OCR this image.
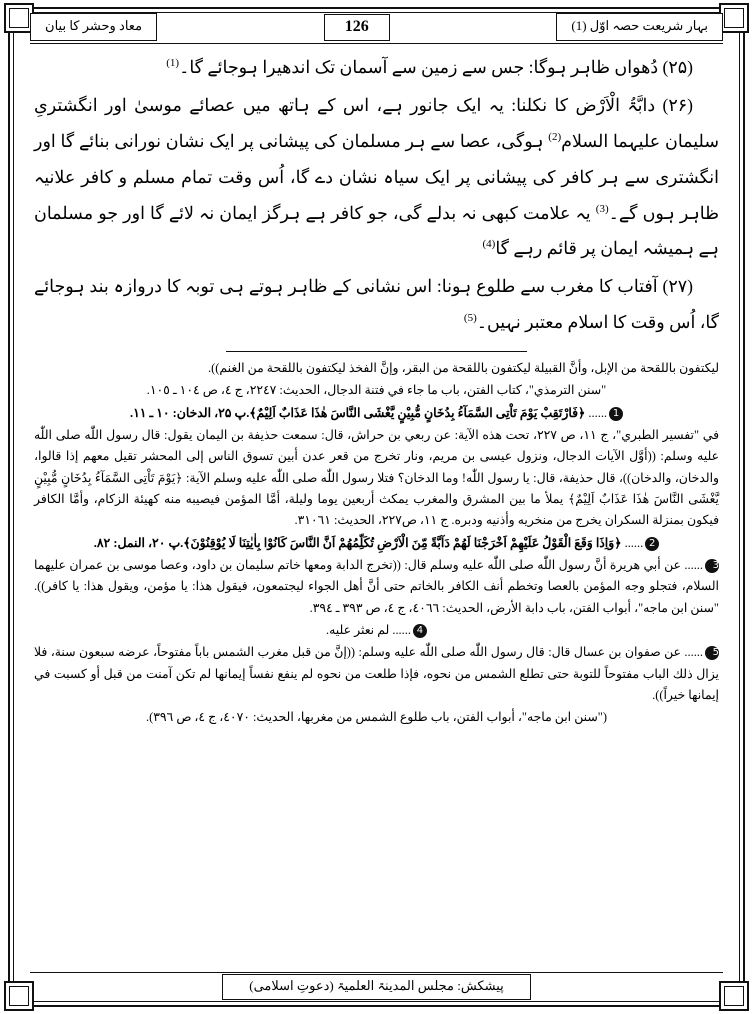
بہار شریعت حصہ اوّل (1)
126
معاد وحشر کا بیان
(۲۵) دُھواں ظاہر ہوگا: جس سے زمین سے آسمان تک اندھیرا ہوجائے گا۔$^{(1)}$
(۲۶) دابَّۃُ الْاَرْض کا نکلنا: یہ ایک جانور ہے، اس کے ہاتھ میں عصائے موسیٰ اور انگشتریِ سلیمان علیہما السلام$^{(2)}$ ہوگی، عصا سے ہر مسلمان کی پیشانی پر ایک نشان نورانی بنائے گا اور انگشتری سے ہر کافر کی پیشانی پر ایک سیاہ نشان دے گا، اُس وقت تمام مسلم و کافر علانیہ ظاہر ہوں گے۔$^{(3)}$ یہ علامت کبھی نہ بدلے گی، جو کافر ہے ہرگز ایمان نہ لائے گا اور جو مسلمان ہے ہمیشہ ایمان پر قائم رہے گا$^{(4)}$
(۲۷) آفتاب کا مغرب سے طلوع ہونا: اس نشانی کے ظاہر ہوتے ہی توبہ کا دروازہ بند ہوجائے گا، اُس وقت کا اسلام معتبر نہیں۔$^{(5)}$
لیکتفون باللقحة من الإبل، وأنَّ القبيلة ليكتفون باللقحة من البقر، وإنَّ الفخذ ليكتفون باللقحة من الغنم)).
"سنن الترمذي"، كتاب الفتن، باب ما جاء في فتنة الدجال، الحديث: ٢٢٤٧، ج ٤، ص ١٠٤ ـ ١٠٥.
1...... ﴿فَارْتَقِبْ یَوْمَ تَاْتِی السَّمَآءُ بِدُخَانٍ مُّبِیْنٍ یَّغْشَی النَّاسَ هٰذَا عَذَابٌ اَلِیْمٌ﴾.پ ۲۵، الدخان: ١٠ ـ ١١.
في "تفسير الطبري"، ج ١١، ص ٢٢٧، تحت هذه الآية: عن ربعي بن حراش، قال: سمعت حذيفة بن اليمان يقول: قال رسول اللّٰه صلى اللّٰه عليه وسلم: ((أوَّل الآيات الدجال، ونزول عيسى بن مريم، ونار تخرج من قعر عدن أبين تسوق الناس إلى المحشر تقيل معهم إذا قالوا، والدخان، والدخان))، قال حذيفة، قال: يا رسول اللّٰه! وما الدخان؟ فتلا رسول اللّٰه صلى اللّٰه عليه وسلم الآية: ﴿یَوْمَ تَاْتِی السَّمَآءُ بِدُخَانٍ مُّبِیْنٍ یَّغْشَی النَّاسَ هٰذَا عَذَابٌ اَلِیْمٌ﴾ يملأ ما بين المشرق والمغرب يمكث أربعين يوما وليلة، أمَّا المؤمن فيصيبه منه كهيئة الزكام، وأمَّا الكافر فيكون بمنزلة السكران يخرج من منخريه وأذنيه ودبره. ج ١١، ص٢٢٧، الحديث: ٣١٠٦١.
2...... ﴿وَاِذَا وَقَعَ الْقَوْلُ عَلَیْهِمْ اَخْرَجْنَا لَهُمْ دَآبَّةً مِّنَ الْاَرْضِ تُكَلِّمُهُمْ اَنَّ النَّاسَ كَانُوْا بِاٰیٰتِنَا لَا یُوْقِنُوْنَ﴾.پ ۲۰، النمل: ٨٢.
3...... عن أبي هريرة أنَّ رسول اللّٰه صلى اللّٰه عليه وسلم قال: ((تخرج الدابة ومعها خاتم سليمان بن داود، وعصا موسى بن عمران عليهما السلام، فتجلو وجه المؤمن بالعصا وتخطم أنف الكافر بالخاتم حتى أنَّ أهل الجواء ليجتمعون، فيقول هذا: يا مؤمن، ويقول هذا: يا كافر)). "سنن ابن ماجه"، أبواب الفتن، باب دابة الأرض، الحديث: ٤٠٦٦، ج ٤، ص ٣٩٣ ـ ٣٩٤.
4...... لم نعثر عليه.
5...... عن صفوان بن عسال قال: قال رسول اللّٰه صلى اللّٰه عليه وسلم: ((إنَّ من قبل مغرب الشمس باباً مفتوحاً، عرضه سبعون سنة، فلا يزال ذلك الباب مفتوحاً للتوبة حتى تطلع الشمس من نحوه، فإذا طلعت من نحوه لم ينفع نفساً إيمانها لم تكن آمنت من قبل أو كسبت في إيمانها خيراً)).
("سنن ابن ماجه"، أبواب الفتن، باب طلوع الشمس من مغربها، الحديث: ٤٠٧٠، ج ٤، ص ٣٩٦).
پیشکش: مجلس المدینۃ العلمیۃ (دعوتِ اسلامی)
